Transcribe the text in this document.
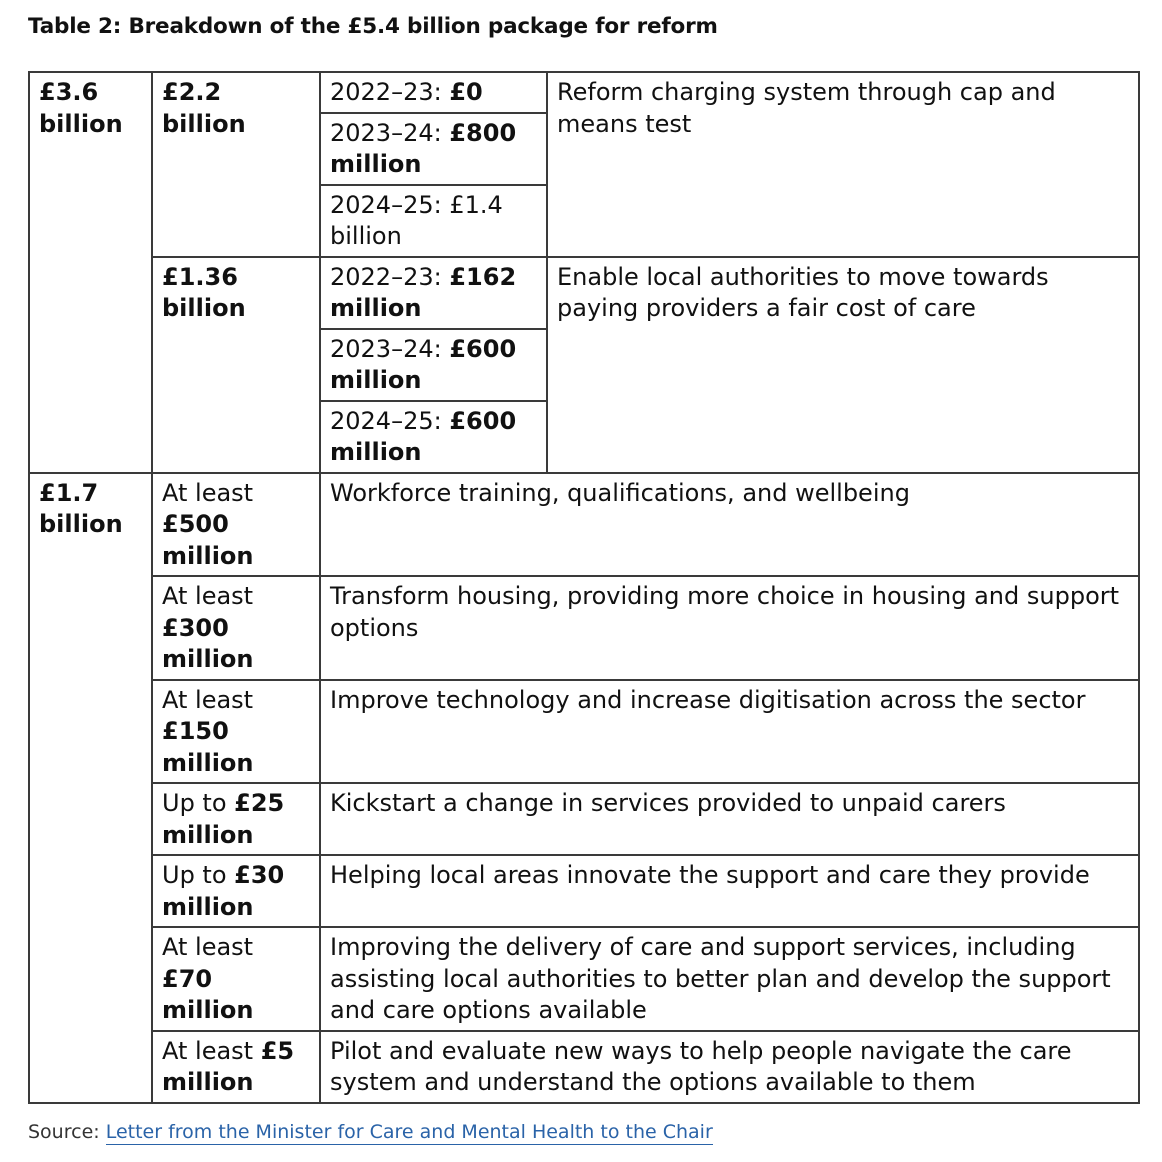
Table 2: Breakdown of the £5.4 billion package for reform
£3.6 billion	£2.2 billion	2022–23: £0	Reform charging system through cap and means test
		2023–24: £800 million	
		2024–25: £1.4 billion	
	£1.36 billion	2022–23: £162 million	Enable local authorities to move towards paying providers a fair cost of care
		2023–24: £600 million	
		2024–25: £600 million	
£1.7 billion	At least £500 million	Workforce training, qualifications, and wellbeing	
	At least £300 million	Transform housing, providing more choice in housing and support options	
	At least £150 million	Improve technology and increase digitisation across the sector	
	Up to £25 million	Kickstart a change in services provided to unpaid carers	
	Up to £30 million	Helping local areas innovate the support and care they provide	
	At least £70 million	Improving the delivery of care and support services, including assisting local authorities to better plan and develop the support and care options available	
	At least £5 million	Pilot and evaluate new ways to help people navigate the care system and understand the options available to them	
Source: Letter from the Minister for Care and Mental Health to the Chair
